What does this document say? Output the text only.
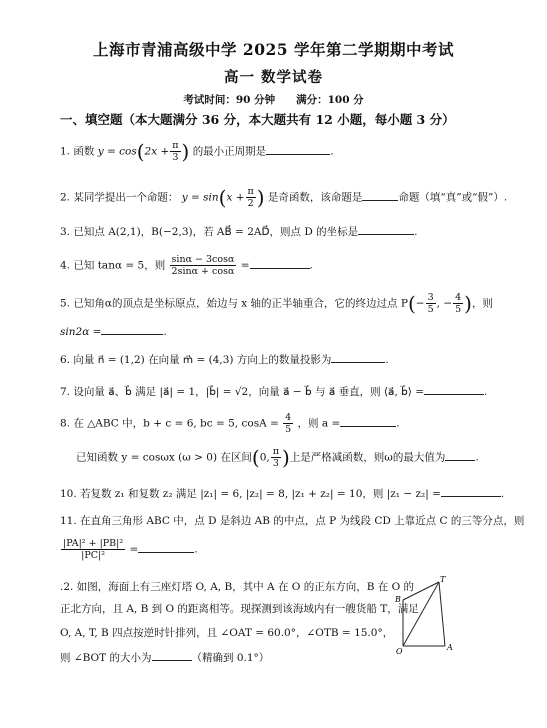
上海市青浦高级中学 2025 学年第二学期期中考试
高一 数学试卷
考试时间：90 分钟　　满分：100 分
一、填空题（本大题满分 36 分，本大题共有 12 小题，每小题 3 分）
1. 函数 $y = \cos(2x + \frac{\pi}{3}$ ) 的最小正周期是	.
2. 某同学提出一个命题： $y = \sin(x + \frac{\pi}{2}$ ) 是奇函数，该命题是	命题（填“真”或“假”）.
3. 已知点 A(2,1)，B(−2,3)，若 AB⃗ = 2AD⃗，则点 D 的坐标是	.
4. 已知 tanα = 5，则 $\frac{\sin\alpha - 3\cos\alpha}{2\sin\alpha + \cos\alpha}$ =	.
5. 已知角α的顶点是坐标原点，始边与 x 轴的正半轴重合，它的终边过点 $P(- \frac{3}{5}$ , − $\frac{4}{5}$ )，则
sin2α =	.
6. 向量 n⃗ = (1,2) 在向量 m⃗ = (4,3) 方向上的数量投影为	.
7. 设向量 a⃗、b⃗ 满足 |a⃗| = 1，|b⃗| = √2，向量 a⃗ − b⃗ 与 a⃗ 垂直，则 ⟨a⃗, b⃗⟩ =	.
8. 在 △ABC 中，b + c = 6, bc = 5, $\cos A = \frac{4}{5}$ ，则 a =	.
已知函数 y = cosωx (ω > 0) 在区间(0, $\frac{\pi}{3}$ )上是严格减函数，则ω的最大值为	.
10. 若复数 z₁ 和复数 z₂ 满足 |z₁| = 6, |z₂| = 8, |z₁ + z₂| = 10，则 |z₁ − z₂| =	.
11. 在直角三角形 ABC 中，点 D 是斜边 AB 的中点，点 P 为线段 CD 上靠近点 C 的三等分点，则
$\frac{\text{|PA|² + |PB|²}}{\text{|PC|²}}$ =	.
.2. 如图，海面上有三座灯塔 O, A, B，其中 A 在 O 的正东方向，B 在 O 的
正北方向，且 A, B 到 O 的距离相等。现探测到该海域内有一艘货船 T，满足
O, A, T, B 四点按逆时针排列，且 ∠OAT = 60.0°，∠OTB = 15.0°，
则 ∠BOT 的大小为	（精确到 0.1°）
T
B
O	A
